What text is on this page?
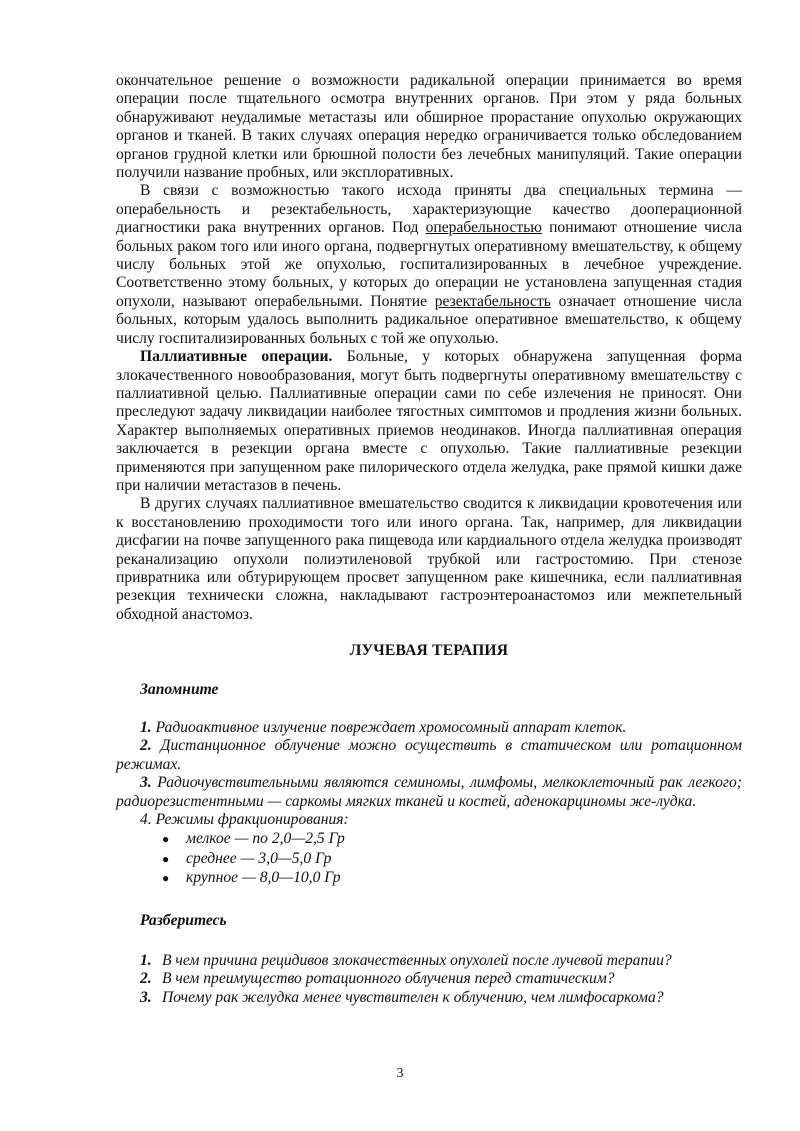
окончательное решение о возможности радикальной операции принимается во время операции после тщательного осмотра внутренних органов. При этом у ряда больных обнаруживают неудалимые метастазы или обширное прорастание опухолью окружающих органов и тканей. В таких случаях операция нередко ограничивается только обследованием органов грудной клетки или брюшной полости без лечебных манипуляций. Такие операции получили название пробных, или эксплоративных.

В связи с возможностью такого исхода приняты два специальных термина — операбельность и резектабельность, характеризующие качество дооперационной диагностики рака внутренних органов. Под операбельностью понимают отношение числа больных раком того или иного органа, подвергнутых оперативному вмешательству, к общему числу больных этой же опухолью, госпитализированных в лечебное учреждение. Соответственно этому больных, у которых до операции не установлена запущенная стадия опухоли, называют операбельными. Понятие резектабельность означает отношение числа больных, которым удалось выполнить радикальное оперативное вмешательство, к общему числу госпитализированных больных с той же опухолью.

Паллиативные операции. Больные, у которых обнаружена запущенная форма злокачественного новообразования, могут быть подвергнуты оперативному вмешательству с паллиативной целью. Паллиативные операции сами по себе излечения не приносят. Они преследуют задачу ликвидации наиболее тягостных симптомов и продления жизни больных. Характер выполняемых оперативных приемов неодинаков. Иногда паллиативная операция заключается в резекции органа вместе с опухолью. Такие паллиативные резекции применяются при запущенном раке пилорического отдела желудка, раке прямой кишки даже при наличии метастазов в печень.

В других случаях паллиативное вмешательство сводится к ликвидации кровотечения или к восстановлению проходимости того или иного органа. Так, например, для ликвидации дисфагии на почве запущенного рака пищевода или кардиального отдела желудка производят реканализацию опухоли полиэтиленовой трубкой или гастростомию. При стенозе привратника или обтурирующем просвет запущенном раке кишечника, если паллиативная резекция технически сложна, накладывают гастроэнтероанастомоз или межпетельный обходной анастомоз.

ЛУЧЕВАЯ ТЕРАПИЯ
Запомните

1. Радиоактивное излучение повреждает хромосомный аппарат клеток.

2. Дистанционное облучение можно осуществить в статическом или ротационном режимах.

3. Радиочувствительными являются семиномы, лимфомы, мелкоклеточный рак легкого; радиорезистентными — саркомы мягких тканей и костей, аденокарциномы же-лудка.

4. Режимы фракционирования:

● мелкое — по 2,0—2,5 Гр
● среднее — 3,0—5,0 Гр
● крупное — 8,0—10,0 Гр
Разберитесь
1. В чем причина рецидивов злокачественных опухолей после лучевой терапии?
2. В чем преимущество ротационного облучения перед статическим?
3. Почему рак желудка менее чувствителен к облучению, чем лимфосаркома?
3
